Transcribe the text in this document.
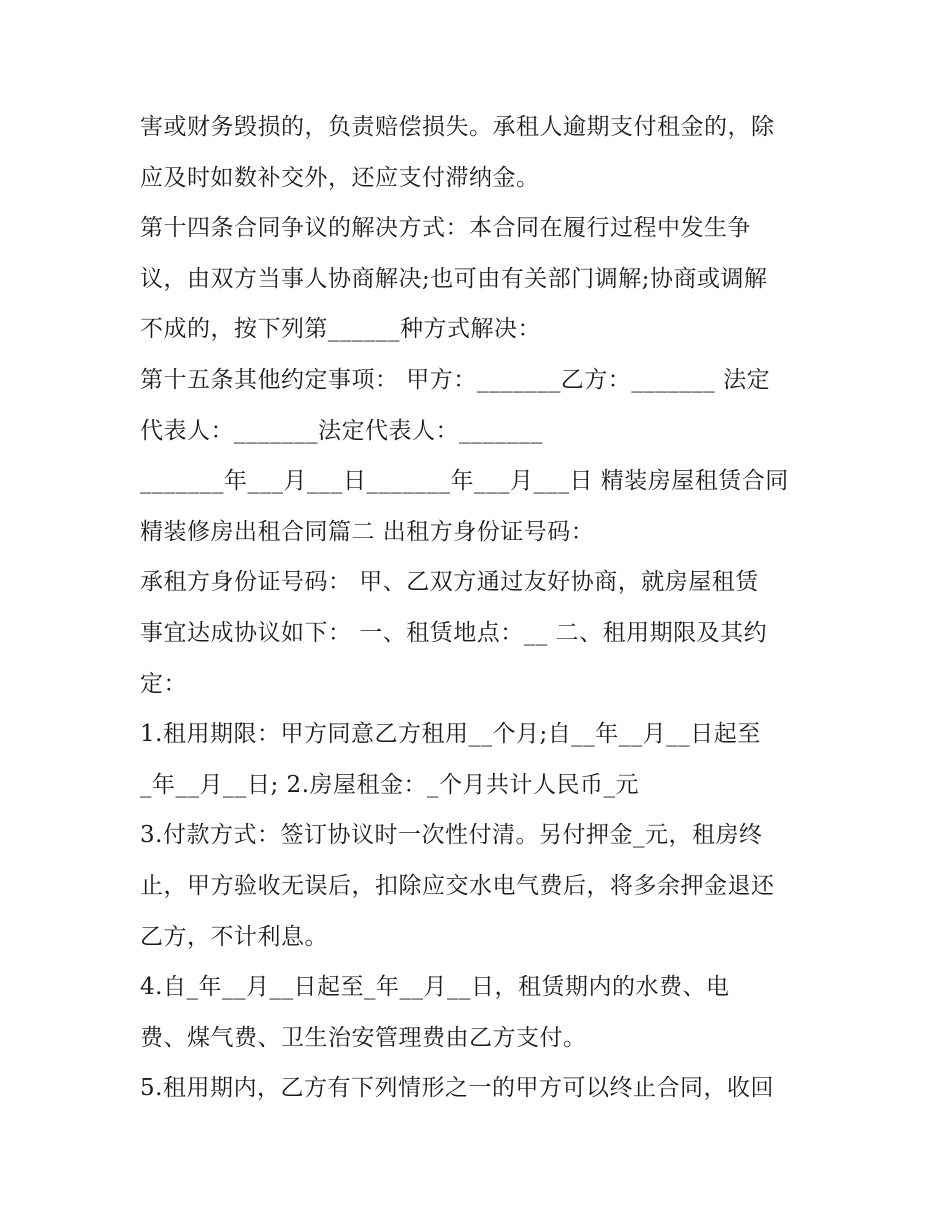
害或财务毁损的，负责赔偿损失。承租人逾期支付租金的，除
应及时如数补交外，还应支付滞纳金。
第十四条合同争议的解决方式：本合同在履行过程中发生争
议，由双方当事人协商解决;也可由有关部门调解;协商或调解
不成的，按下列第______种方式解决：
第十五条其他约定事项： 甲方：_______乙方：_______ 法定
代表人：_______法定代表人：_______
_______年___月___日_______年___月___日 精装房屋租赁合同
精装修房出租合同篇二 出租方身份证号码：
承租方身份证号码： 甲、乙双方通过友好协商，就房屋租赁
事宜达成协议如下： 一、租赁地点：__ 二、租用期限及其约
定：
1.租用期限：甲方同意乙方租用__个月;自__年__月__日起至
_年__月__日; 2.房屋租金：_个月共计人民币_元
3.付款方式：签订协议时一次性付清。另付押金_元，租房终
止，甲方验收无误后，扣除应交水电气费后，将多余押金退还
乙方，不计利息。
4.自_年__月__日起至_年__月__日，租赁期内的水费、电
费、煤气费、卫生治安管理费由乙方支付。
5.租用期内，乙方有下列情形之一的甲方可以终止合同，收回
